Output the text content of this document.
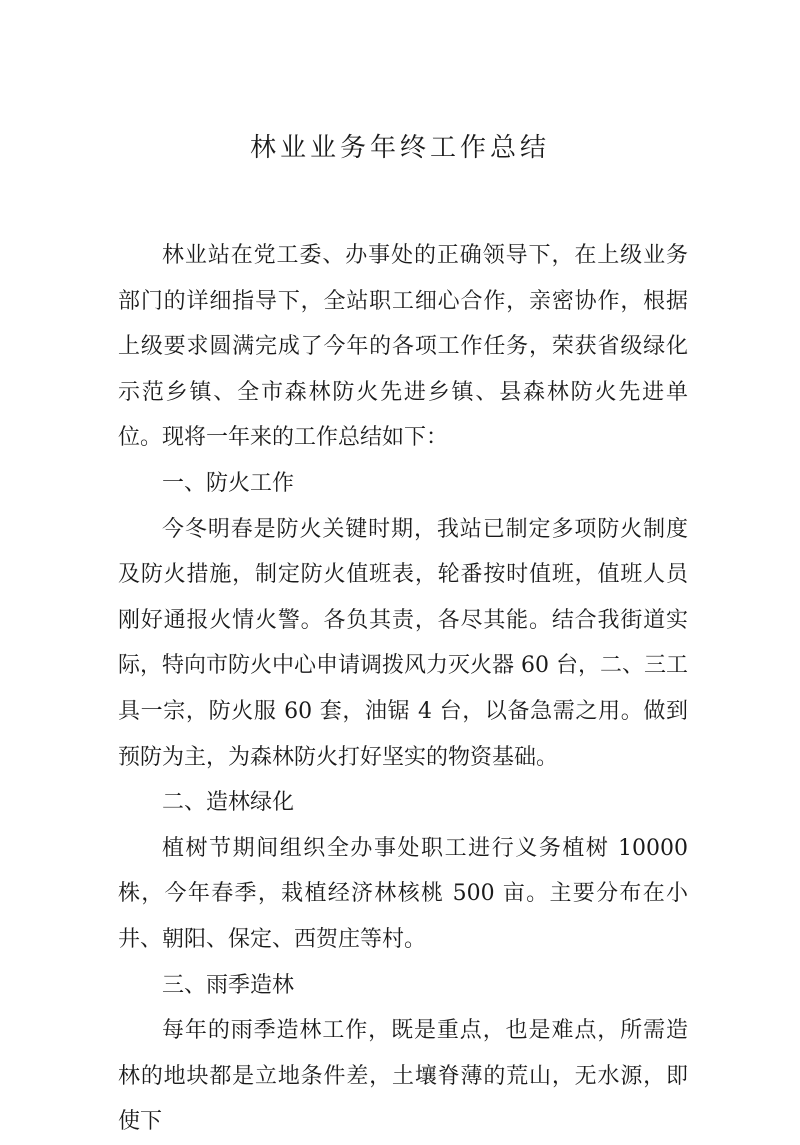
林业业务年终工作总结

林业站在党工委、办事处的正确领导下，在上级业务部门的详细指导下，全站职工细心合作，亲密协作，根据上级要求圆满完成了今年的各项工作任务，荣获省级绿化示范乡镇、全市森林防火先进乡镇、县森林防火先进单位。现将一年来的工作总结如下：

一、防火工作

今冬明春是防火关键时期，我站已制定多项防火制度及防火措施，制定防火值班表，轮番按时值班，值班人员刚好通报火情火警。各负其责，各尽其能。结合我街道实际，特向市防火中心申请调拨风力灭火器 60 台，二、三工具一宗，防火服 60 套，油锯 4 台，以备急需之用。做到预防为主，为森林防火打好坚实的物资基础。

二、造林绿化

植树节期间组织全办事处职工进行义务植树 10000 株，今年春季，栽植经济林核桃 500 亩。主要分布在小井、朝阳、保定、西贺庄等村。

三、雨季造林

每年的雨季造林工作，既是重点，也是难点，所需造林的地块都是立地条件差，土壤脊薄的荒山，无水源，即使下
